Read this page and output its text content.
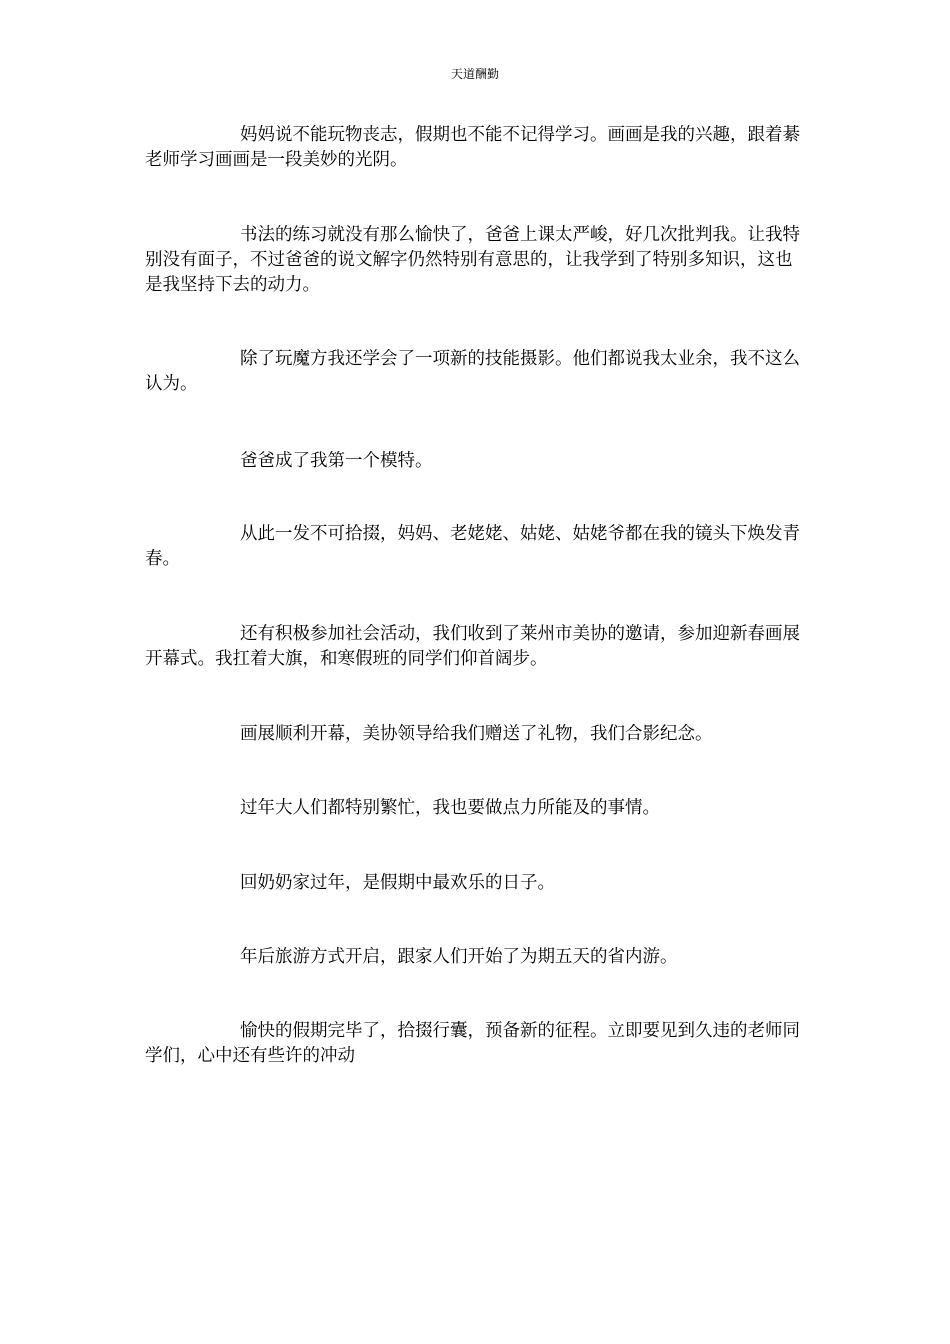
天道酬勤

妈妈说不能玩物丧志，假期也不能不记得学习。画画是我的兴趣，跟着綦老师学习画画是一段美妙的光阴。

书法的练习就没有那么愉快了，爸爸上课太严峻，好几次批判我。让我特别没有面子，不过爸爸的说文解字仍然特别有意思的，让我学到了特别多知识，这也是我坚持下去的动力。

除了玩魔方我还学会了一项新的技能摄影。他们都说我太业余，我不这么认为。

爸爸成了我第一个模特。

从此一发不可拾掇，妈妈、老姥姥、姑姥、姑姥爷都在我的镜头下焕发青春。

还有积极参加社会活动，我们收到了莱州市美协的邀请，参加迎新春画展开幕式。我扛着大旗，和寒假班的同学们仰首阔步。

画展顺利开幕，美协领导给我们赠送了礼物，我们合影纪念。

过年大人们都特别繁忙，我也要做点力所能及的事情。

回奶奶家过年，是假期中最欢乐的日子。

年后旅游方式开启，跟家人们开始了为期五天的省内游。

愉快的假期完毕了，拾掇行囊，预备新的征程。立即要见到久违的老师同学们，心中还有些许的冲动
